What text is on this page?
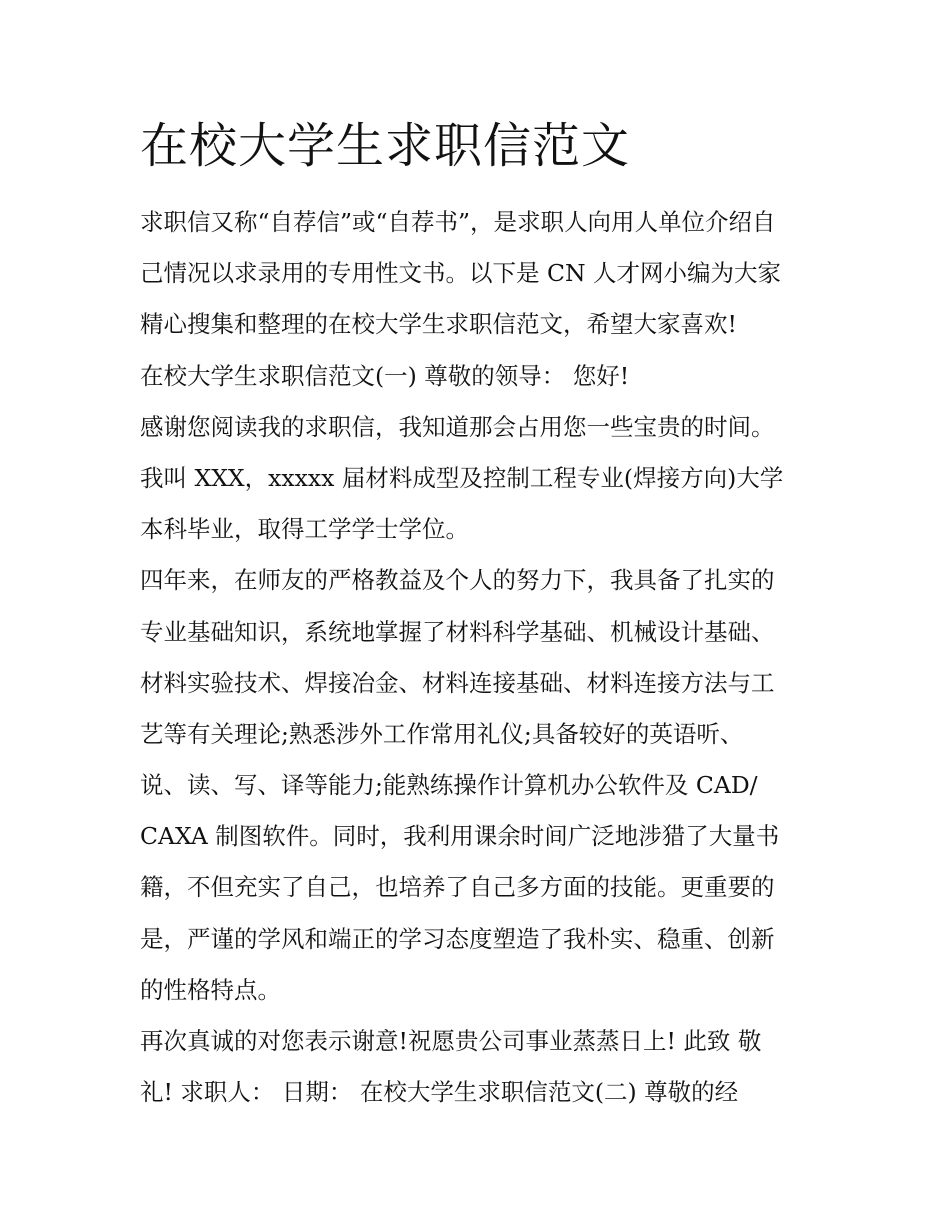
在校大学生求职信范文
求职信又称“自荐信”或“自荐书”，是求职人向用人单位介绍自
己情况以求录用的专用性文书。以下是 CN 人才网小编为大家
精心搜集和整理的在校大学生求职信范文，希望大家喜欢!
在校大学生求职信范文(一) 尊敬的领导： 您好!
感谢您阅读我的求职信，我知道那会占用您一些宝贵的时间。
我叫 XXX，xxxxx 届材料成型及控制工程专业(焊接方向)大学
本科毕业，取得工学学士学位。
四年来，在师友的严格教益及个人的努力下，我具备了扎实的
专业基础知识，系统地掌握了材料科学基础、机械设计基础、
材料实验技术、焊接冶金、材料连接基础、材料连接方法与工
艺等有关理论;熟悉涉外工作常用礼仪;具备较好的英语听、
说、读、写、译等能力;能熟练操作计算机办公软件及 CAD/
CAXA 制图软件。同时，我利用课余时间广泛地涉猎了大量书
籍，不但充实了自己，也培养了自己多方面的技能。更重要的
是，严谨的学风和端正的学习态度塑造了我朴实、稳重、创新
的性格特点。
再次真诚的对您表示谢意!祝愿贵公司事业蒸蒸日上! 此致 敬
礼! 求职人： 日期： 在校大学生求职信范文(二) 尊敬的经
